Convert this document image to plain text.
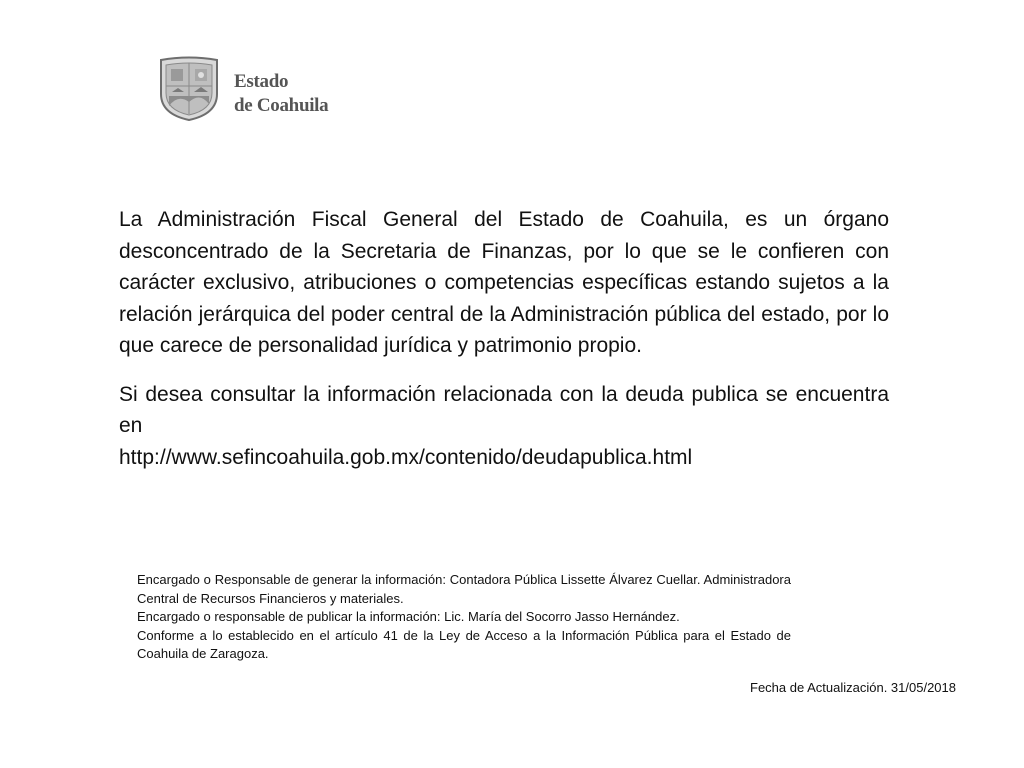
Estado
de Coahuila

La Administración Fiscal General del Estado de Coahuila, es un órgano desconcentrado de la Secretaria de Finanzas, por lo que se le confieren con carácter exclusivo, atribuciones o competencias específicas estando sujetos a la relación jerárquica del poder central de la Administración pública del estado, por lo que carece de personalidad jurídica y patrimonio propio.

Si desea consultar la información relacionada con la deuda publica se encuentra en
http://www.sefincoahuila.gob.mx/contenido/deudapublica.html

Encargado o Responsable de generar la información: Contadora Pública Lissette Álvarez Cuellar. Administradora Central de Recursos Financieros y materiales.

Encargado o responsable de publicar la información: Lic. María del Socorro Jasso Hernández.

Conforme a lo establecido en el artículo 41 de la Ley de Acceso a la Información Pública para el Estado de Coahuila de Zaragoza.

Fecha de Actualización. 31/05/2018
